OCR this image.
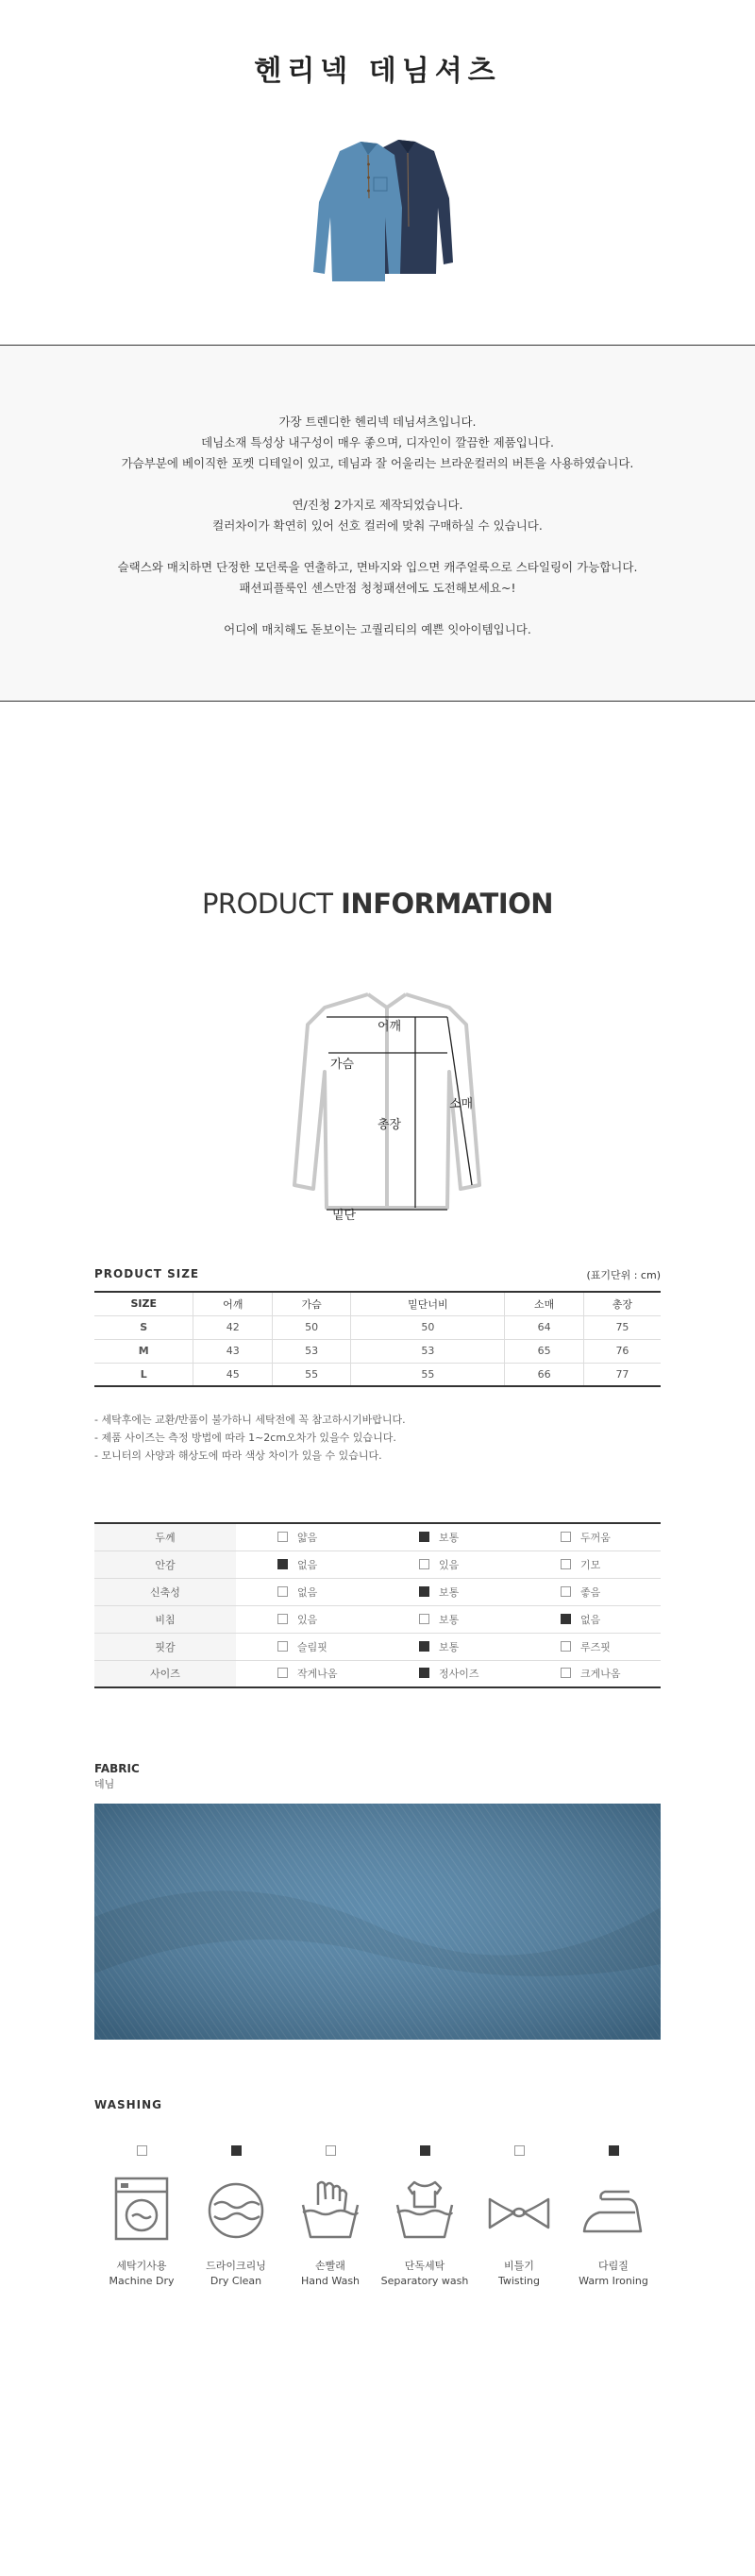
헨리넥 데님셔츠
가장 트렌디한 헨리넥 데님셔츠입니다.
데님소재 특성상 내구성이 매우 좋으며, 디자인이 깔끔한 제품입니다.
가슴부분에 베이직한 포켓 디테일이 있고, 데님과 잘 어울리는 브라운컬러의 버튼을 사용하였습니다.
연/진청 2가지로 제작되었습니다.
컬러차이가 확연히 있어 선호 컬러에 맞춰 구매하실 수 있습니다.
슬랙스와 매치하면 단정한 모던룩을 연출하고, 면바지와 입으면 캐주얼룩으로 스타일링이 가능합니다.
패션피플룩인 센스만점 청청패션에도 도전해보세요~!
어디에 매치해도 돋보이는 고퀄리티의 예쁜 잇아이템입니다.
PRODUCT INFORMATION
어깨
가슴
총장
소매
밑단
PRODUCT SIZE	(표기단위 : cm)
SIZE	어깨	가슴	밑단너비	소매	총장
S	42	50	50	64	75
M	43	53	53	65	76
L	45	55	55	66	77
- 세탁후에는 교환/반품이 불가하니 세탁전에 꼭 참고하시기바랍니다.
- 제품 사이즈는 측정 방법에 따라 1~2cm오차가 있을수 있습니다.
- 모니터의 사양과 해상도에 따라 색상 차이가 있을 수 있습니다.
두께	얇음	보통	두꺼움
안감	없음	있음	기모
신축성	없음	보통	좋음
비침	있음	보통	없음
핏감	슬림핏	보통	루즈핏
사이즈	작게나옴	정사이즈	크게나옴
FABRIC
데님
WASHING
세탁기사용
Machine Dry
드라이크리닝
Dry Clean
손빨래
Hand Wash
단독세탁
Separatory wash
비틀기
Twisting
다림질
Warm Ironing
